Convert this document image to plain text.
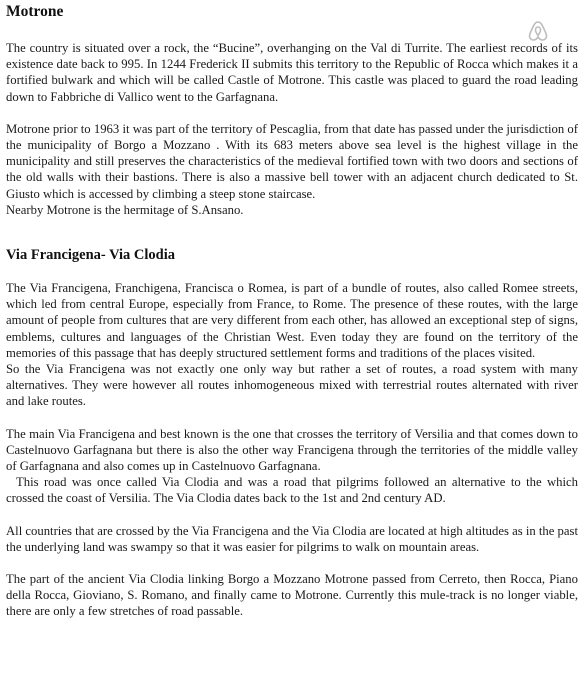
Motrone

The country is situated over a rock, the “Bucine”, overhanging on the Val di Turrite. The earliest records of its existence date back to 995. In 1244 Frederick II submits this territory to the Republic of Rocca which makes it a fortified bulwark and which will be called Castle of Motrone. This castle was placed to guard the road leading down to Fabbriche di Vallico went to the Garfagnana.

Motrone prior to 1963 it was part of the territory of Pescaglia, from that date has passed under the jurisdiction of the municipality of Borgo a Mozzano . With its 683 meters above sea level is the highest village in the municipality and still preserves the characteristics of the medieval fortified town with two doors and sections of the old walls with their bastions. There is also a massive bell tower with an adjacent church dedicated to St. Giusto which is accessed by climbing a steep stone staircase.

Nearby Motrone is the hermitage of S.Ansano.

Via Francigena- Via Clodia

The Via Francigena, Franchigena, Francisca o Romea, is part of a bundle of routes, also called Romee streets, which led from central Europe, especially from France, to Rome. The presence of these routes, with the large amount of people from cultures that are very different from each other, has allowed an exceptional step of signs, emblems, cultures and languages of the Christian West. Even today they are found on the territory of the memories of this passage that has deeply structured settlement forms and traditions of the places visited.

So the Via Francigena was not exactly one only way but rather a set of routes, a road system with many alternatives. They were however all routes inhomogeneous mixed with terrestrial routes alternated with river and lake routes.

The main Via Francigena and best known is the one that crosses the territory of Versilia and that comes down to Castelnuovo Garfagnana but there is also the other way Francigena through the territories of the middle valley of Garfagnana and also comes up in Castelnuovo Garfagnana.

This road was once called Via Clodia and was a road that pilgrims followed an alternative to the which crossed the coast of Versilia. The Via Clodia dates back to the 1st and 2nd century AD.

All countries that are crossed by the Via Francigena and the Via Clodia are located at high altitudes as in the past the underlying land was swampy so that it was easier for pilgrims to walk on mountain areas.

The part of the ancient Via Clodia linking Borgo a Mozzano Motrone passed from Cerreto, then Rocca, Piano della Rocca, Gioviano, S. Romano, and finally came to Motrone. Currently this mule-track is no longer viable, there are only a few stretches of road passable.
